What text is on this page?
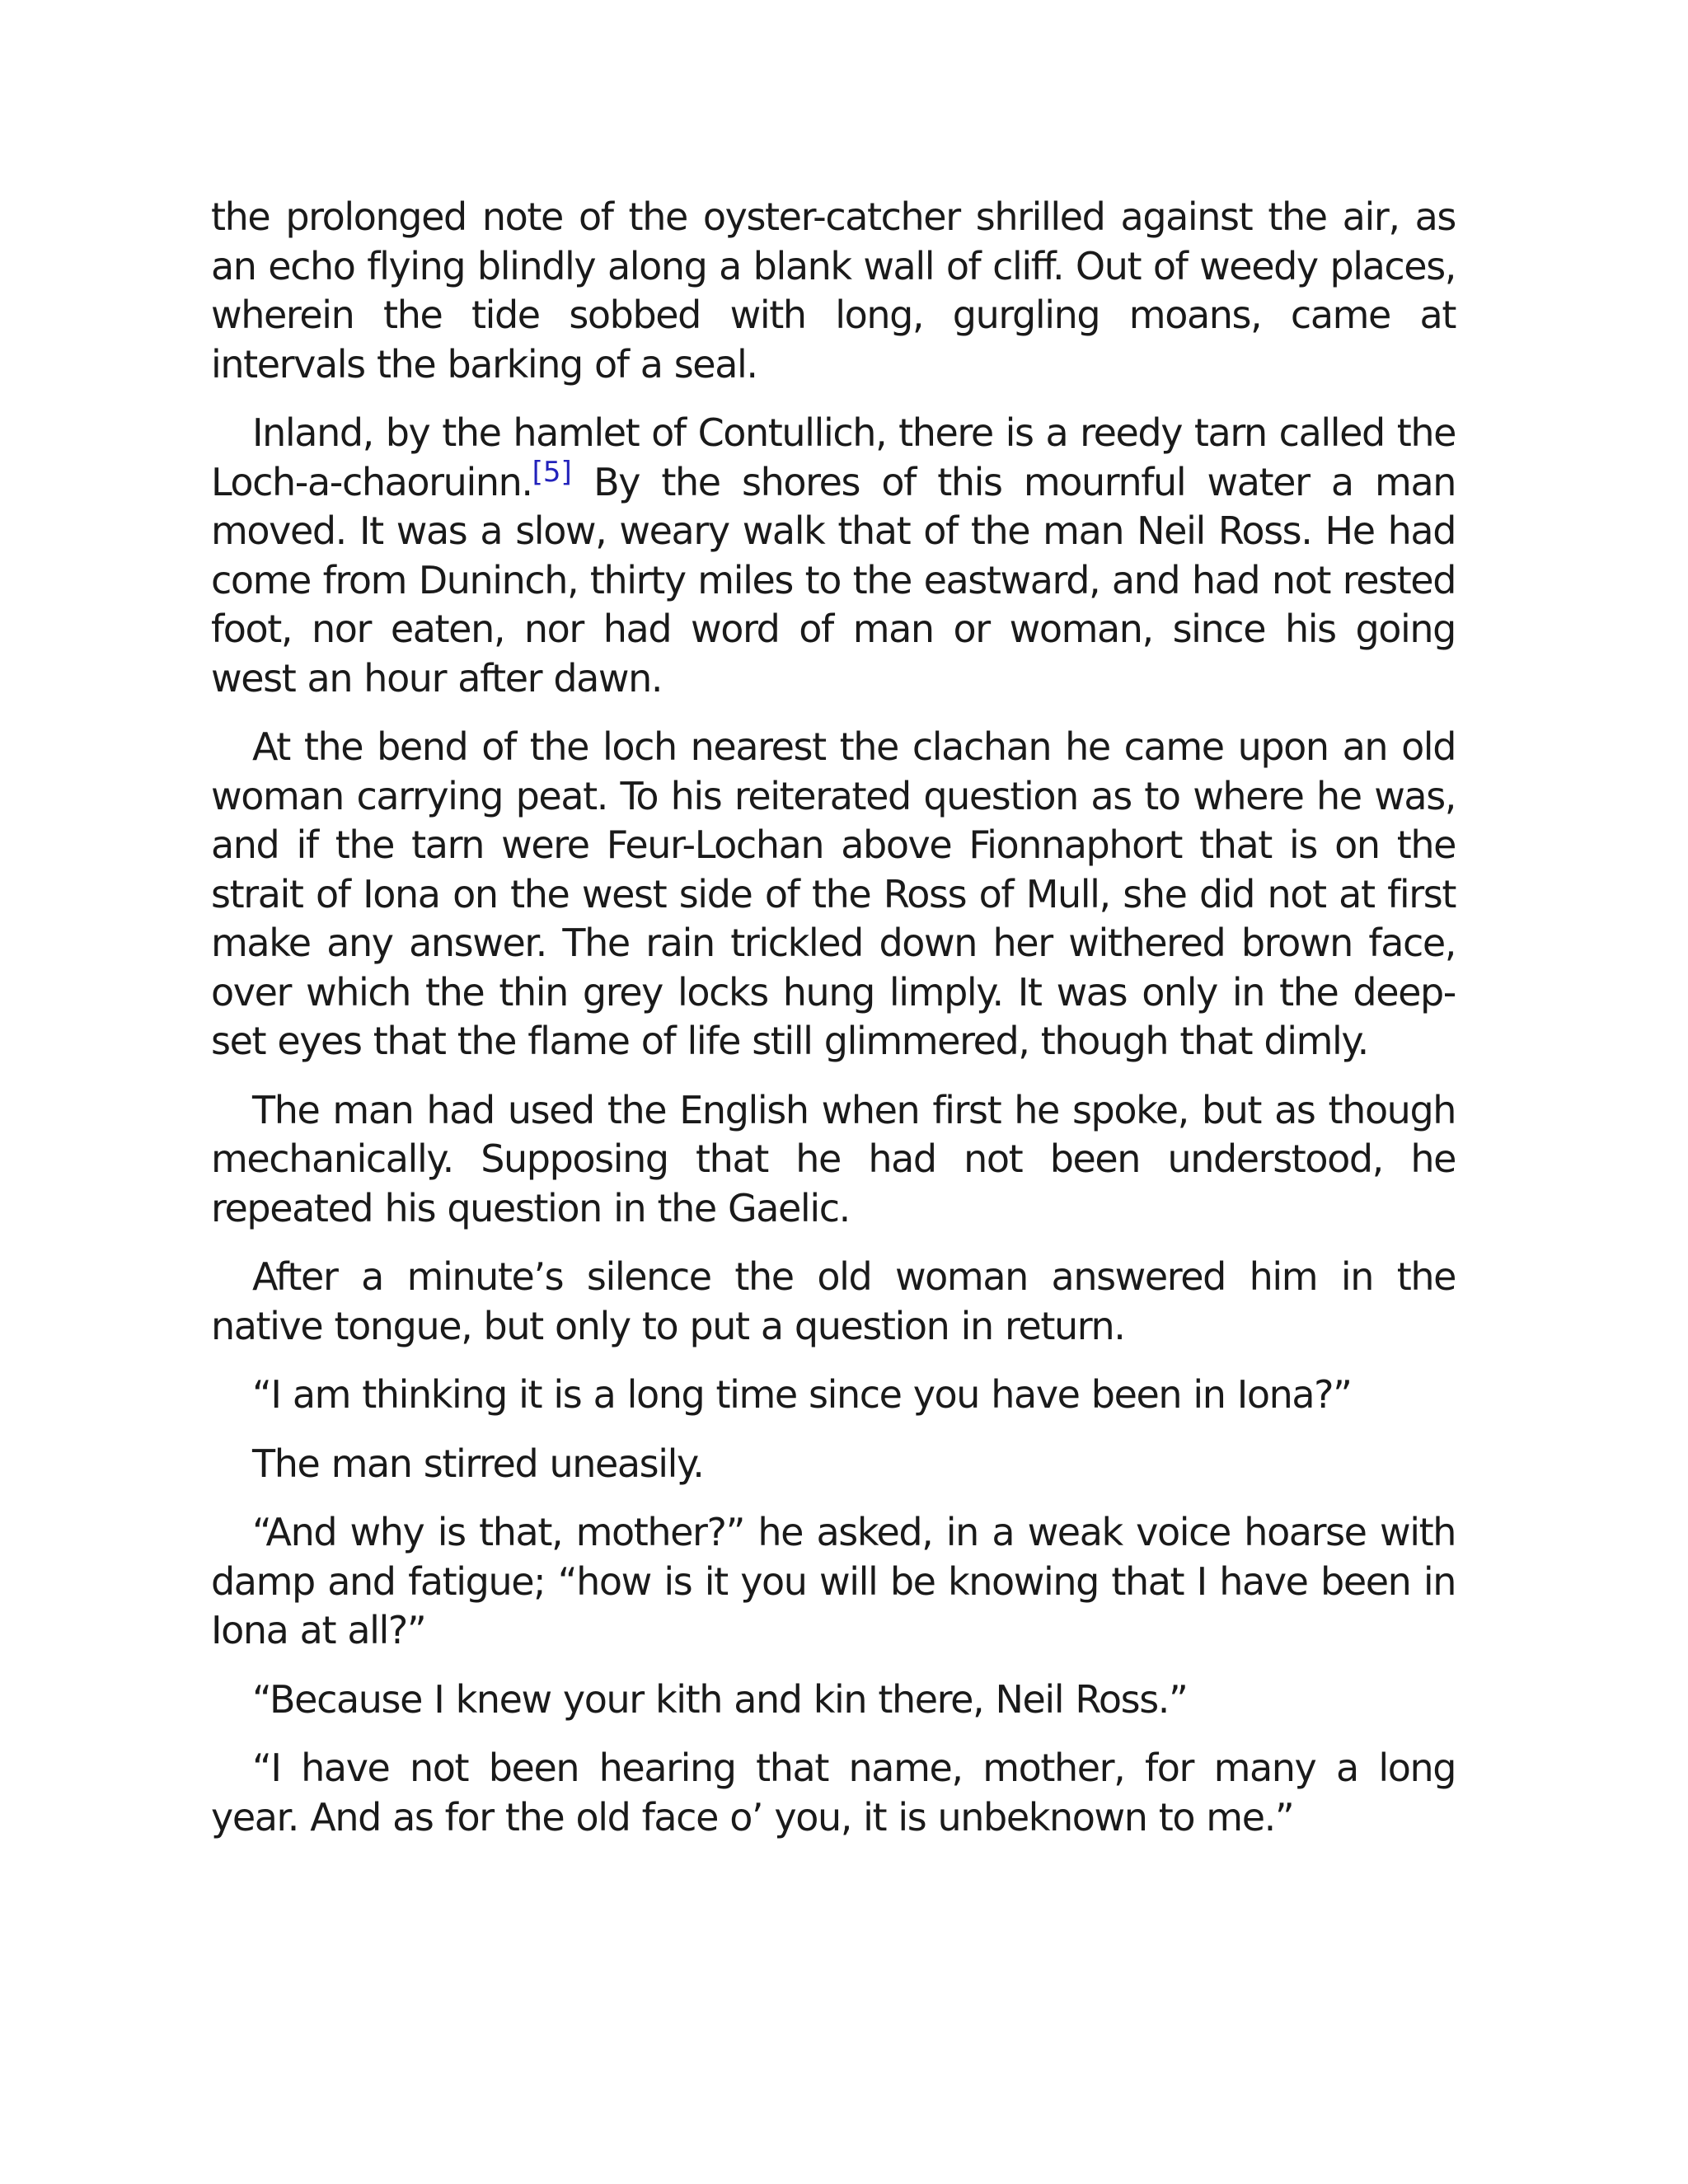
the prolonged note of the oyster-catcher shrilled against the air, as an echo flying blindly along a blank wall of cliff. Out of weedy places, wherein the tide sobbed with long, gurgling moans, came at intervals the barking of a seal.

Inland, by the hamlet of Contullich, there is a reedy tarn called the Loch-a-chaoruinn.[5] By the shores of this mournful water a man moved. It was a slow, weary walk that of the man Neil Ross. He had come from Duninch, thirty miles to the eastward, and had not rested foot, nor eaten, nor had word of man or woman, since his going west an hour after dawn.

At the bend of the loch nearest the clachan he came upon an old woman carrying peat. To his reiterated question as to where he was, and if the tarn were Feur-Lochan above Fionnaphort that is on the strait of Iona on the west side of the Ross of Mull, she did not at first make any answer. The rain trickled down her withered brown face, over which the thin grey locks hung limply. It was only in the deep-set eyes that the flame of life still glimmered, though that dimly.

The man had used the English when first he spoke, but as though mechanically. Supposing that he had not been understood, he repeated his question in the Gaelic.

After a minute’s silence the old woman answered him in the native tongue, but only to put a question in return.

“I am thinking it is a long time since you have been in Iona?”

The man stirred uneasily.

“And why is that, mother?” he asked, in a weak voice hoarse with damp and fatigue; “how is it you will be knowing that I have been in Iona at all?”

“Because I knew your kith and kin there, Neil Ross.”

“I have not been hearing that name, mother, for many a long year. And as for the old face o’ you, it is unbeknown to me.”
